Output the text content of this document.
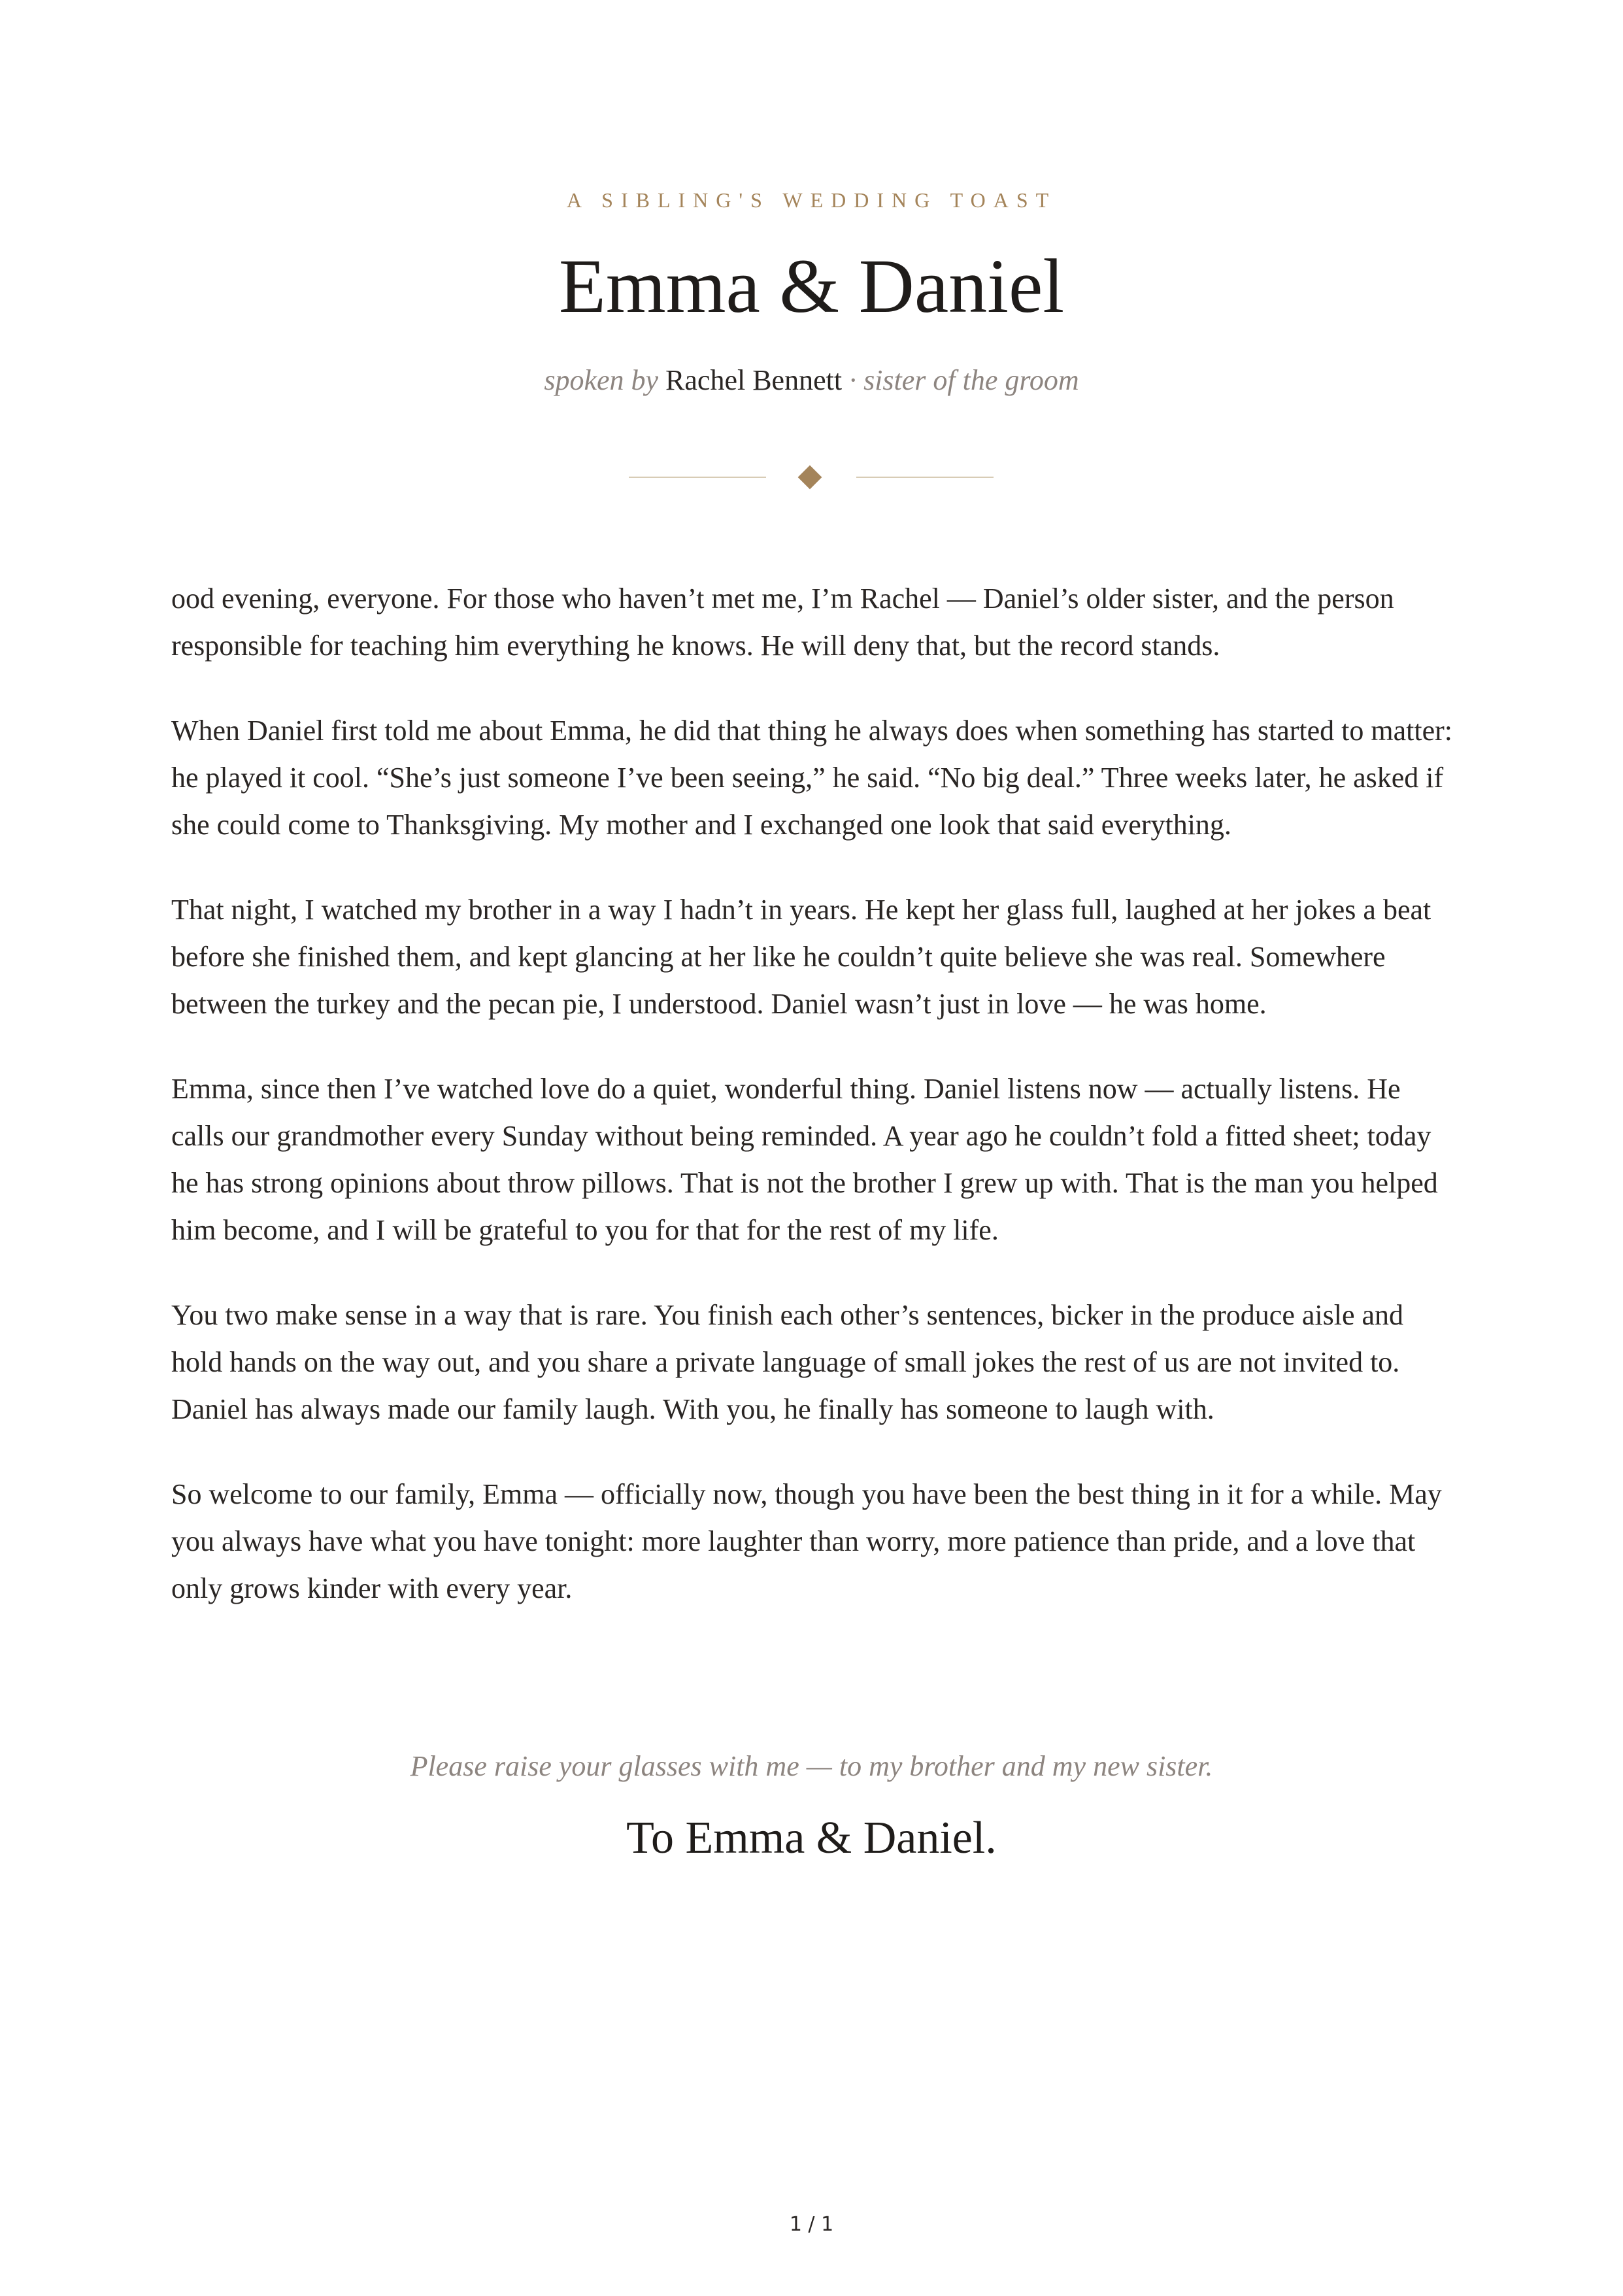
A SIBLING'S WEDDING TOAST
Emma & Daniel
spoken by Rachel Bennett · sister of the groom

ood evening, everyone. For those who haven’t met me, I’m Rachel — Daniel’s older sister, and the person responsible for teaching him everything he knows. He will deny that, but the record stands.

When Daniel first told me about Emma, he did that thing he always does when something has started to matter: he played it cool. “She’s just someone I’ve been seeing,” he said. “No big deal.” Three weeks later, he asked if she could come to Thanksgiving. My mother and I exchanged one look that said everything.

That night, I watched my brother in a way I hadn’t in years. He kept her glass full, laughed at her jokes a beat before she finished them, and kept glancing at her like he couldn’t quite believe she was real. Somewhere between the turkey and the pecan pie, I understood. Daniel wasn’t just in love — he was home.

Emma, since then I’ve watched love do a quiet, wonderful thing. Daniel listens now — actually listens. He calls our grandmother every Sunday without being reminded. A year ago he couldn’t fold a fitted sheet; today he has strong opinions about throw pillows. That is not the brother I grew up with. That is the man you helped him become, and I will be grateful to you for that for the rest of my life.

You two make sense in a way that is rare. You finish each other’s sentences, bicker in the produce aisle and hold hands on the way out, and you share a private language of small jokes the rest of us are not invited to. Daniel has always made our family laugh. With you, he finally has someone to laugh with.

So welcome to our family, Emma — officially now, though you have been the best thing in it for a while. May you always have what you have tonight: more laughter than worry, more patience than pride, and a love that only grows kinder with every year.

Please raise your glasses with me — to my brother and my new sister.
To Emma & Daniel.
1 / 1
